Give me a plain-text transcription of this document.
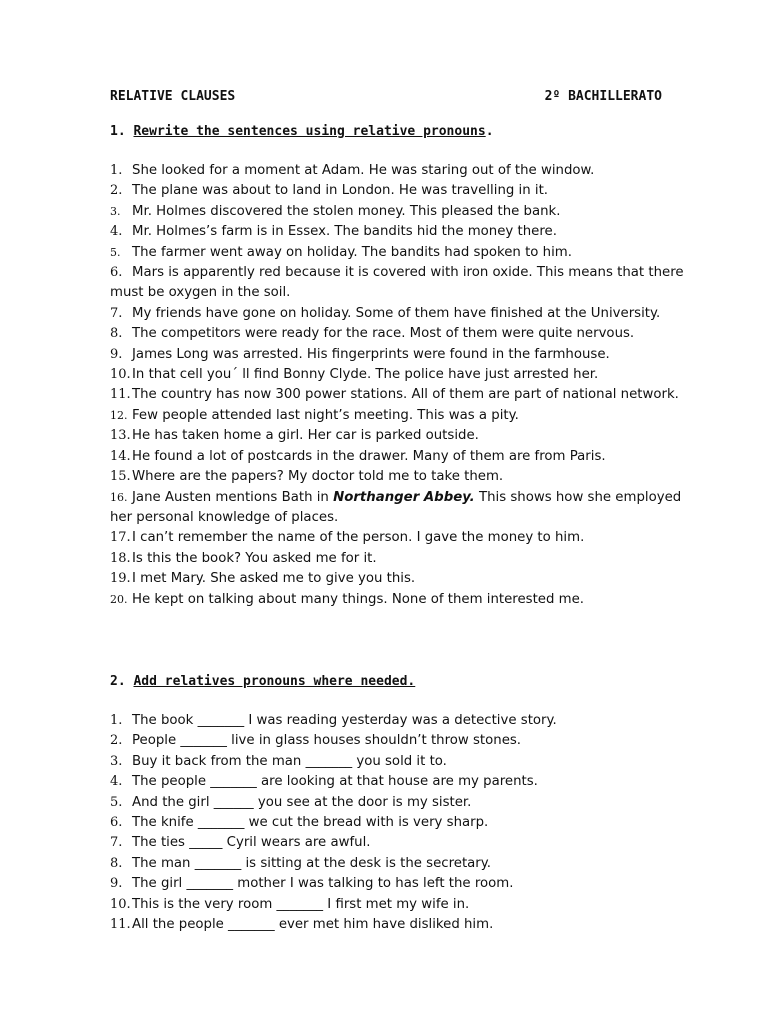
RELATIVE CLAUSES	2º BACHILLERATO
1. Rewrite the sentences using relative pronouns.
1. She looked for a moment at Adam. He was staring out of the window.
2. The plane was about to land in London. He was travelling in it.
3. Mr. Holmes discovered the stolen money. This pleased the bank.
4. Mr. Holmes’s farm is in Essex. The bandits hid the money there.
5. The farmer went away on holiday. The bandits had spoken to him.
6. Mars is apparently red because it is covered with iron oxide. This means that there must be oxygen in the soil.
7. My friends have gone on holiday. Some of them have finished at the University.
8. The competitors were ready for the race. Most of them were quite nervous.
9. James Long was arrested. His fingerprints were found in the farmhouse.
10.In that cell you´ ll find Bonny Clyde. The police have just arrested her.
11.The country has now 300 power stations. All of them are part of national network.
12. Few people attended last night’s meeting. This was a pity.
13.He has taken home a girl. Her car is parked outside.
14.He found a lot of postcards in the drawer. Many of them are from Paris.
15.Where are the papers? My doctor told me to take them.
16. Jane Austen mentions Bath in Northanger Abbey. This shows how she employed her personal knowledge of places.
17.I can’t remember the name of the person. I gave the money to him.
18.Is this the book? You asked me for it.
19.I met Mary. She asked me to give you this.
20. He kept on talking about many things. None of them interested me.
2. Add relatives pronouns where needed.
1. The book _______ I was reading yesterday was a detective story.
2. People _______ live in glass houses shouldn’t throw stones.
3. Buy it back from the man _______ you sold it to.
4. The people _______ are looking at that house are my parents.
5. And the girl ______ you see at the door is my sister.
6. The knife _______ we cut the bread with is very sharp.
7. The ties _____ Cyril wears are awful.
8. The man _______ is sitting at the desk is the secretary.
9. The girl _______ mother I was talking to has left the room.
10.This is the very room _______ I first met my wife in.
11.All the people _______ ever met him have disliked him.
